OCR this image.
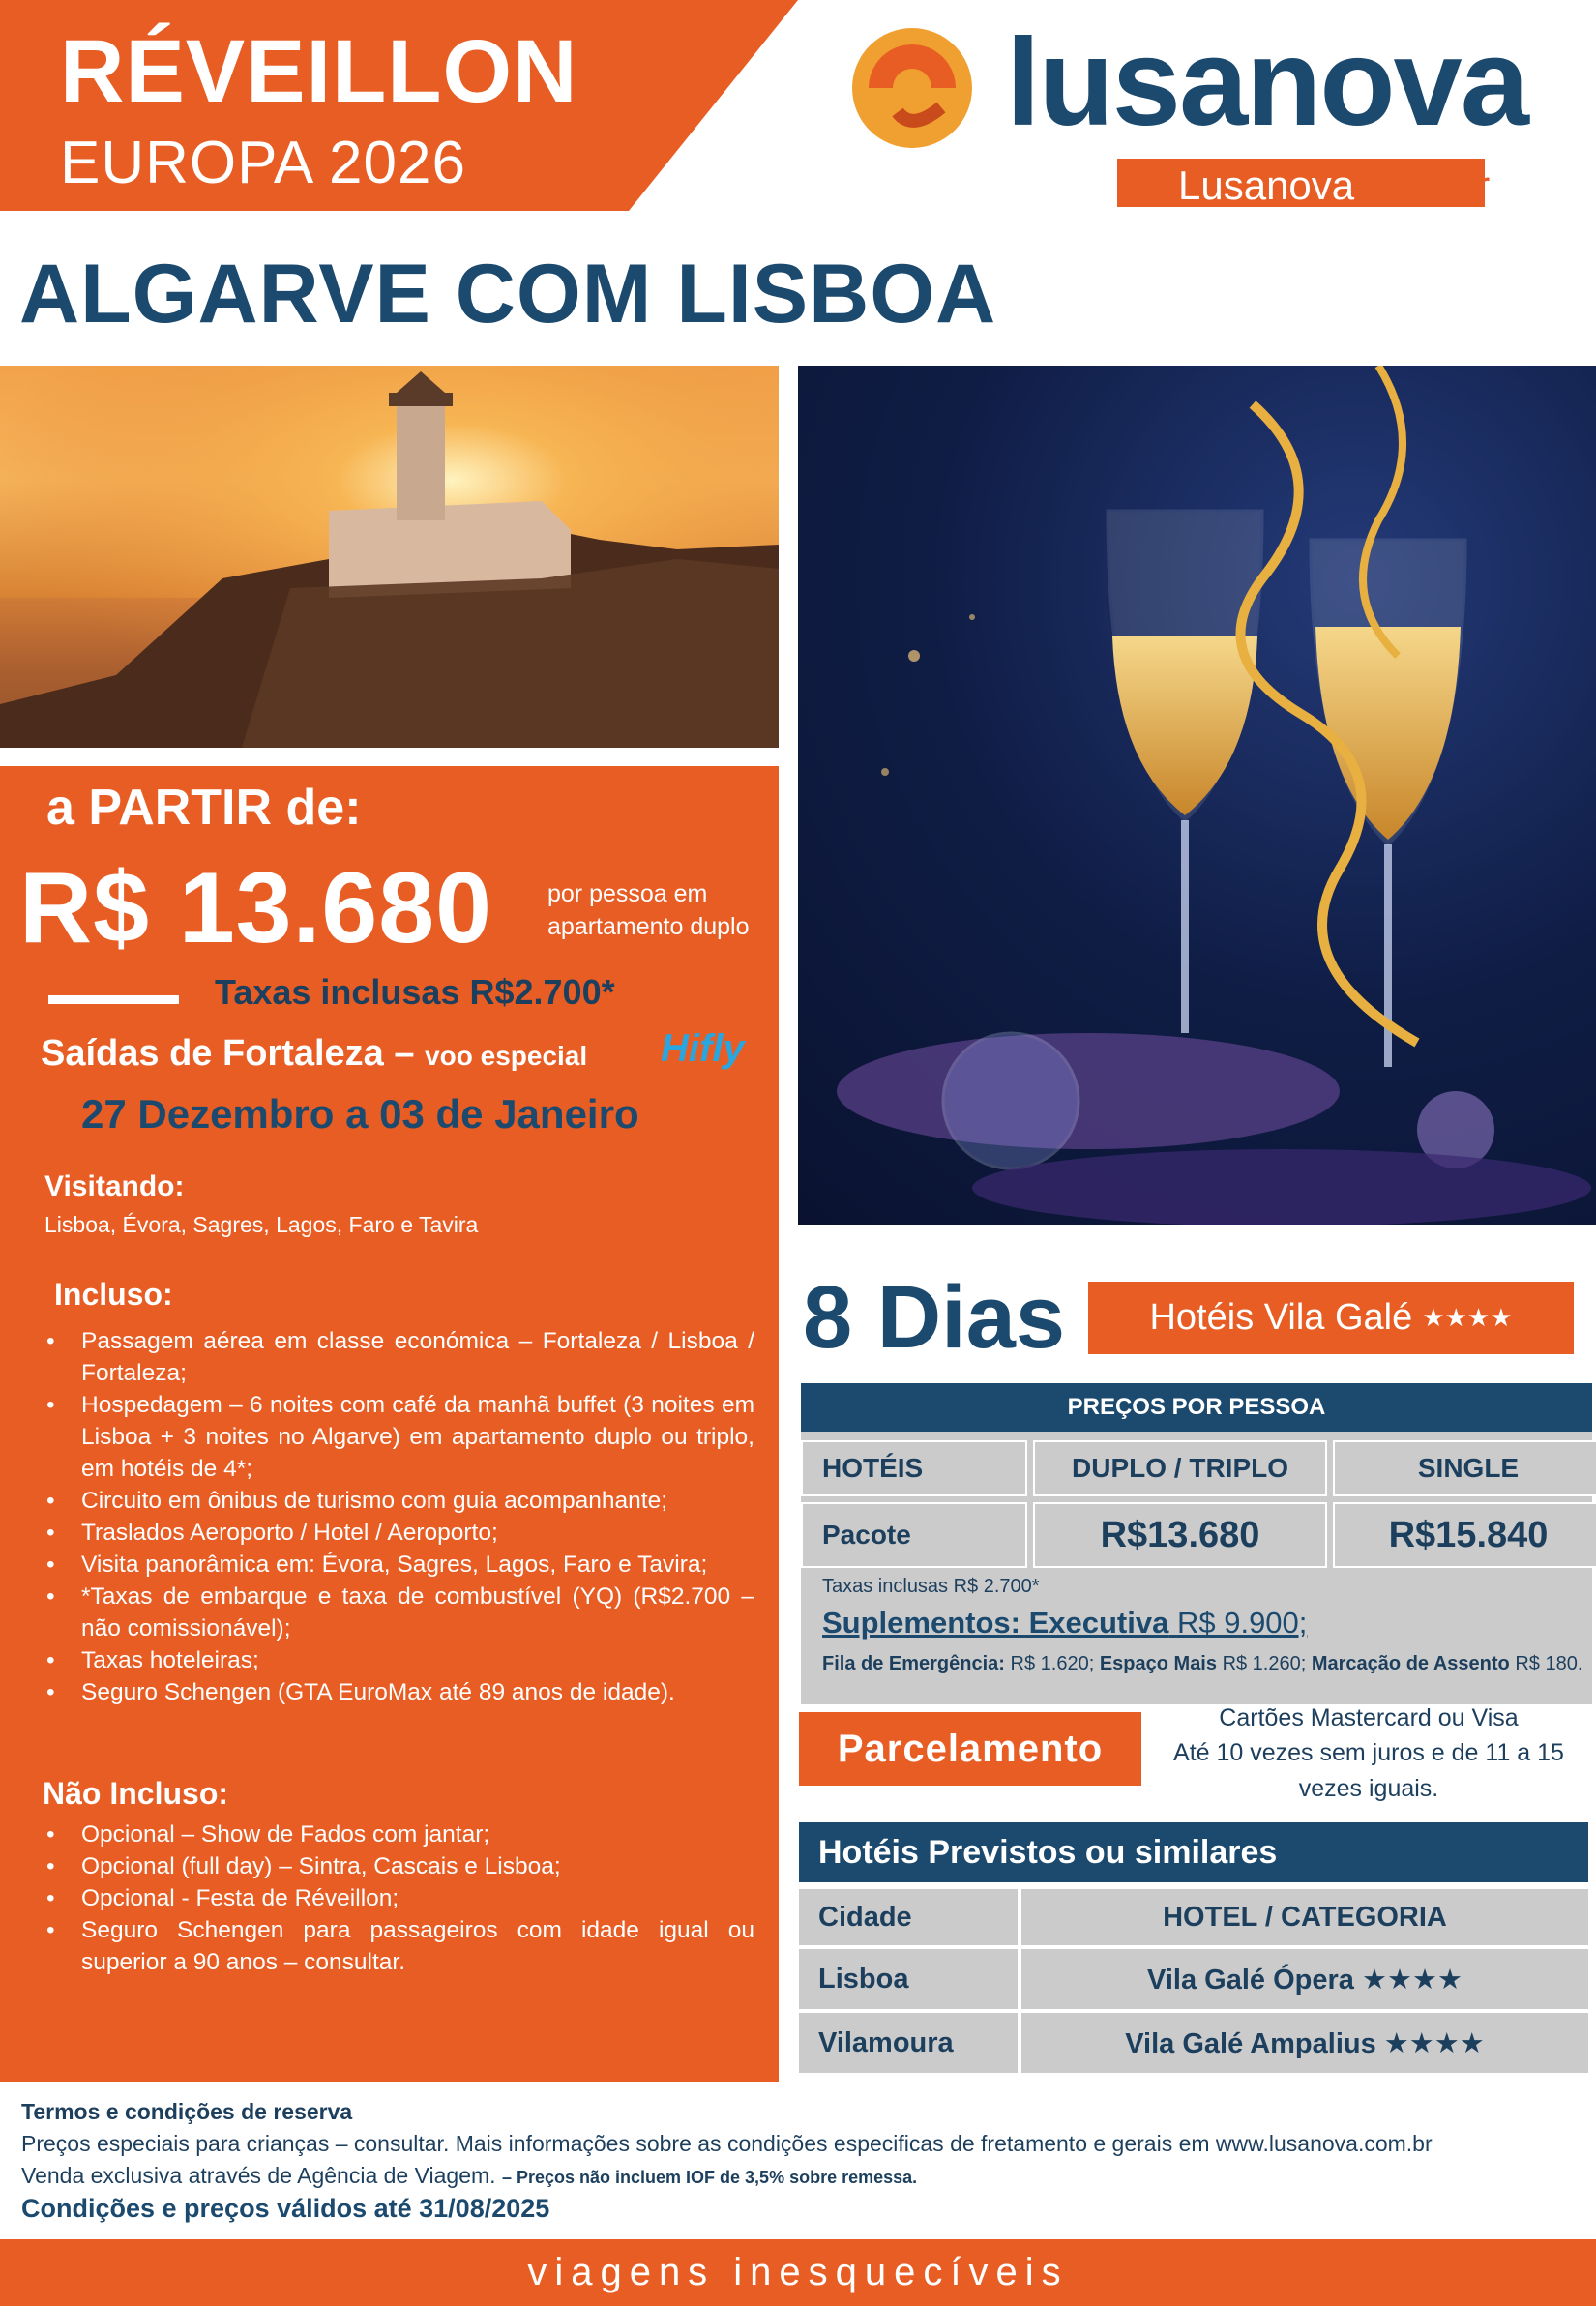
RÉVEILLON
EUROPA 2026
lusanova
Lusanova.com.br
ALGARVE COM LISBOA
a PARTIR de:
R$ 13.680 por pessoa em apartamento duplo
Taxas inclusas R$2.700*
Saídas de Fortaleza – voo especial Hifly
27 Dezembro a 03 de Janeiro
Visitando:
Lisboa, Évora, Sagres, Lagos, Faro e Tavira
Incluso:
• Passagem aérea em classe económica – Fortaleza / Lisboa / Fortaleza;
• Hospedagem – 6 noites com café da manhã buffet (3 noites em Lisboa + 3 noites no Algarve) em apartamento duplo ou triplo, em hotéis de 4*;
• Circuito em ônibus de turismo com guia acompanhante;
• Traslados Aeroporto / Hotel / Aeroporto;
• Visita panorâmica em: Évora, Sagres, Lagos, Faro e Tavira;
• *Taxas de embarque e taxa de combustível (YQ) (R$2.700 – não comissionável);
• Taxas hoteleiras;
• Seguro Schengen (GTA EuroMax até 89 anos de idade).
Não Incluso:
• Opcional – Show de Fados com jantar;
• Opcional (full day) – Sintra, Cascais e Lisboa;
• Opcional - Festa de Réveillon;
• Seguro Schengen para passageiros com idade igual ou superior a 90 anos – consultar.
8 Dias Hotéis Vila Galé ★★★★
PREÇOS POR PESSOA
HOTÉIS	DUPLO / TRIPLO	SINGLE
Pacote	R$13.680	R$15.840
Taxas inclusas R$ 2.700*
Suplementos: Executiva R$ 9.900;
Fila de Emergência: R$ 1.620; Espaço Mais R$ 1.260; Marcação de Assento R$ 180.
Parcelamento
Cartões Mastercard ou Visa
Até 10 vezes sem juros e de 11 a 15 vezes iguais.
Hotéis Previstos ou similares
Cidade	HOTEL / CATEGORIA
Lisboa	Vila Galé Ópera ★★★★
Vilamoura	Vila Galé Ampalius ★★★★
Termos e condições de reserva
Preços especiais para crianças – consultar. Mais informações sobre as condições especificas de fretamento e gerais em www.lusanova.com.br
Venda exclusiva através de Agência de Viagem. – Preços não incluem IOF de 3,5% sobre remessa.
Condições e preços válidos até 31/08/2025
viagens inesquecíveis
